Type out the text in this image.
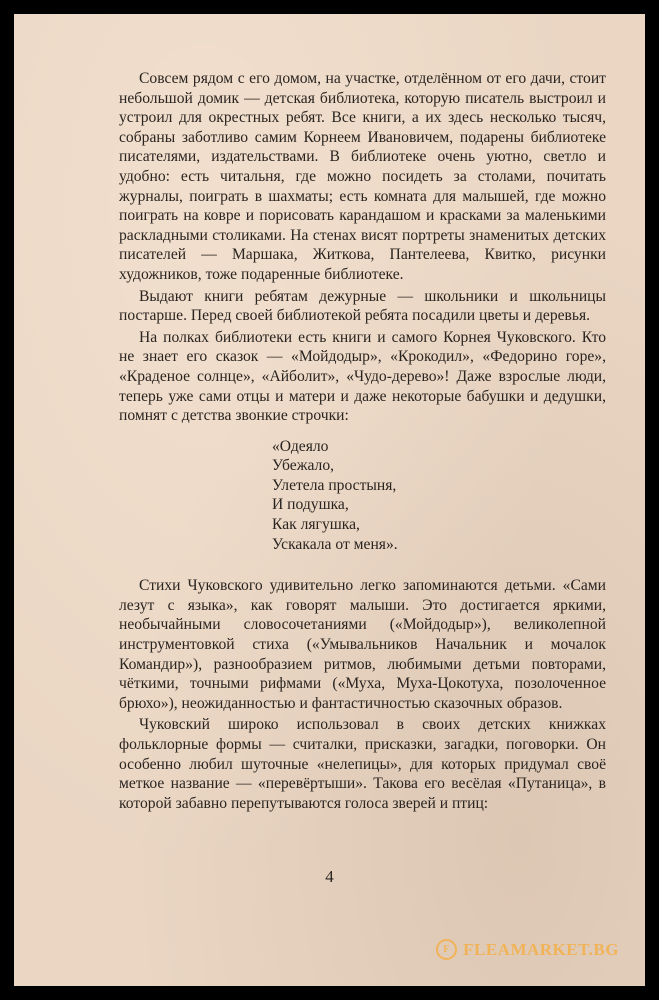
Совсем рядом с его домом, на участке, отделённом от его дачи, стоит небольшой домик — детская библиотека, которую писатель выстроил и устроил для окрестных ребят. Все книги, а их здесь несколько тысяч, собраны заботливо самим Корнеем Ивановичем, подарены библиотеке писателями, издательствами. В библиотеке очень уютно, светло и удобно: есть читальня, где можно посидеть за столами, почитать журналы, поиграть в шахматы; есть комната для малышей, где можно поиграть на ковре и порисовать карандашом и красками за маленькими раскладными столиками. На стенах висят портреты знаменитых детских писателей — Маршака, Житкова, Пантелеева, Квитко, рисунки художников, тоже подаренные библиотеке.

Выдают книги ребятам дежурные — школьники и школьницы постарше. Перед своей библиотекой ребята посадили цветы и деревья.

На полках библиотеки есть книги и самого Корнея Чуковского. Кто не знает его сказок — «Мойдодыр», «Крокодил», «Федорино горе», «Краденое солнце», «Айболит», «Чудо-дерево»! Даже взрослые люди, теперь уже сами отцы и матери и даже некоторые бабушки и дедушки, помнят с детства звонкие строчки:

«Одеяло
Убежало,
Улетела простыня,
И подушка,
Как лягушка,
Ускакала от меня».

Стихи Чуковского удивительно легко запоминаются детьми. «Сами лезут с языка», как говорят малыши. Это достигается яркими, необычайными словосочетаниями («Мойдодыр»), великолепной инструментовкой стиха («Умывальников Начальник и мочалок Командир»), разнообразием ритмов, любимыми детьми повторами, чёткими, точными рифмами («Муха, Муха-Цокотуха, позолоченное брюхо»), неожиданностью и фантастичностью сказочных образов.

Чуковский широко использовал в своих детских книжках фольклорные формы — считалки, присказки, загадки, поговорки. Он особенно любил шуточные «нелепицы», для которых придумал своё меткое название — «перевёртыши». Такова его весёлая «Путаница», в которой забавно перепутываются голоса зверей и птиц:

4
F FLEAMARKET.BG
